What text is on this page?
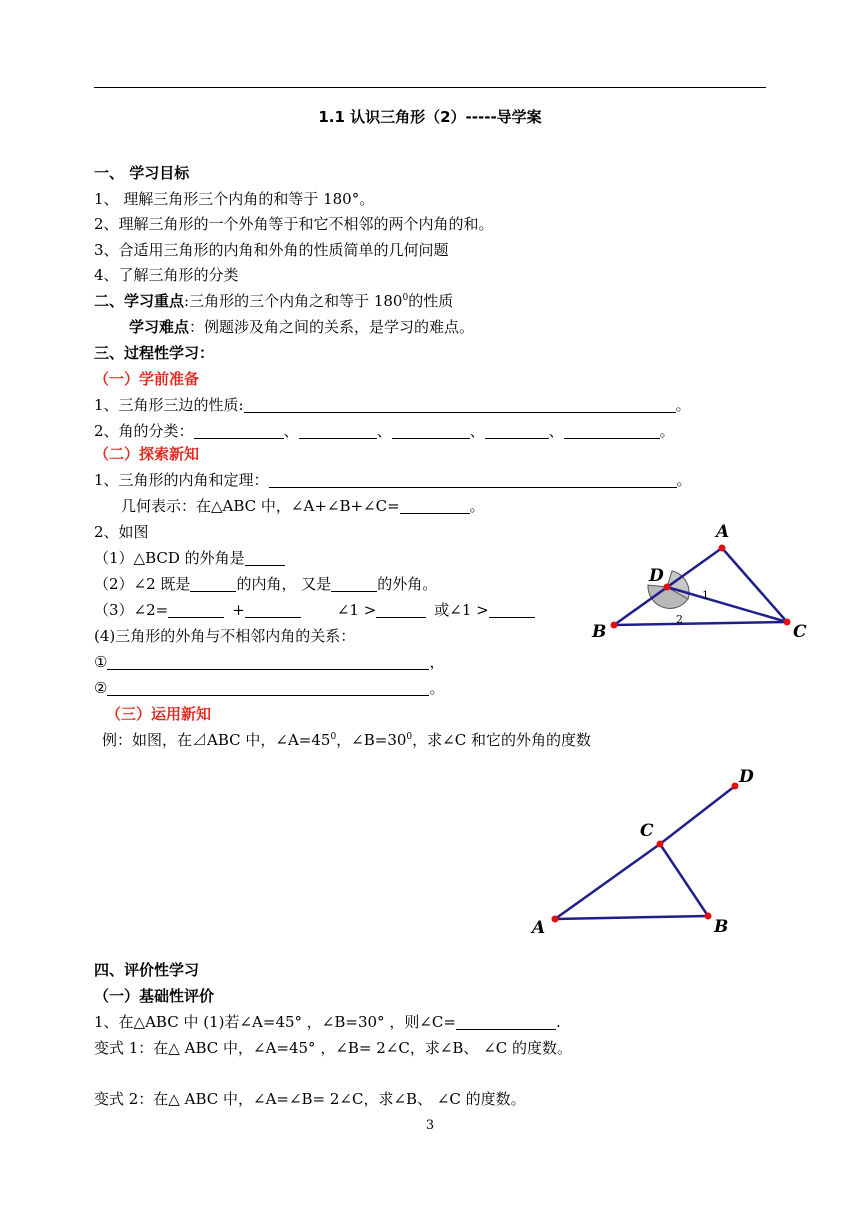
1.1 认识三角形（2）-----导学案
一、 学习目标
1、 理解三角形三个内角的和等于 180°。
2、理解三角形的一个外角等于和它不相邻的两个内角的和。
3、合适用三角形的内角和外角的性质简单的几何问题
4、了解三角形的分类
二、学习重点:三角形的三个内角之和等于 $180^0$的性质
学习难点：例题涉及角之间的关系，是学习的难点。
三、过程性学习：
（一）学前准备
1、三角形三边的性质:	。
2、角的分类：	、	、	、	、	。
（二）探索新知
1、三角形的内角和定理：	。
几何表示：在△ABC 中，∠A+∠B+∠C=	。
2、如图
（1）△BCD 的外角是
（2）∠2 既是	的内角， 又是	的外角。
（3）∠2=	+	∠1 >	或∠1 >
(4)三角形的外角与不相邻内角的关系：
①	，
②	。
（三）运用新知
例：如图，在⊿ABC 中，$\angle A=45^0$，$\angle B=30^0$，求∠C 和它的外角的度数
A
B	C
D
1
2
A
C
D
B
四、评价性学习
（一）基础性评价
1、在△ABC 中 (1)若∠A=45° ，∠B=30° ，则∠C=	.
变式 1：在△ ABC 中，∠A=45° ，∠B= 2∠C，求∠B、 ∠C 的度数。
变式 2：在△ ABC 中，∠A=∠B= 2∠C，求∠B、 ∠C 的度数。
3
